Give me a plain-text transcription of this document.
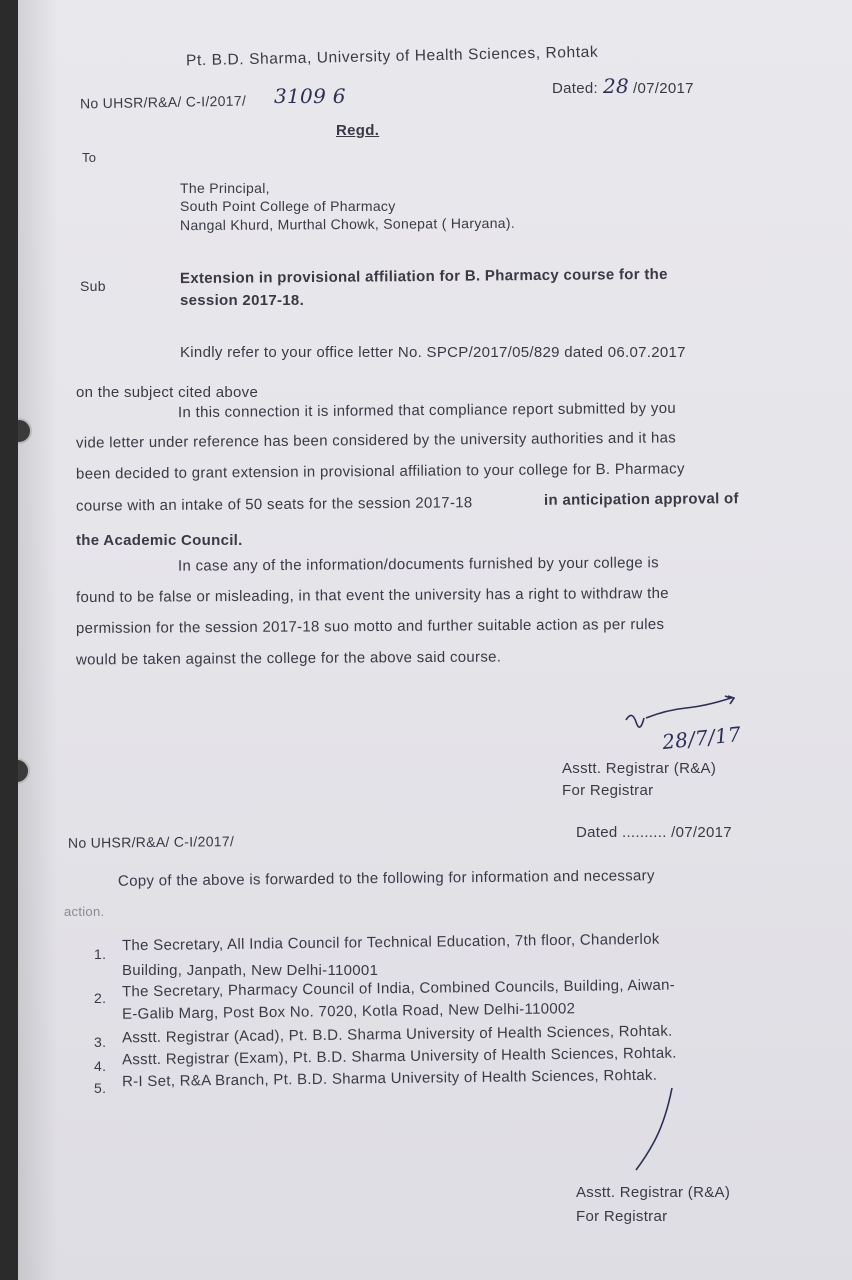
Pt. B.D. Sharma, University of Health Sciences, Rohtak
No UHSR/R&A/ C-I/2017/ 3109 6	Dated: 28 /07/2017
Regd.
To
The Principal,
South Point College of Pharmacy
Nangal Khurd, Murthal Chowk, Sonepat ( Haryana).
Sub	Extension in provisional affiliation for B. Pharmacy course for the
session 2017-18.
Kindly refer to your office letter No. SPCP/2017/05/829 dated 06.07.2017
on the subject cited above
In this connection it is informed that compliance report submitted by you
vide letter under reference has been considered by the university authorities and it has
been decided to grant extension in provisional affiliation to your college for B. Pharmacy
course with an intake of 50 seats for the session 2017-18	in anticipation approval of
the Academic Council.
In case any of the information/documents furnished by your college is
found to be false or misleading, in that event the university has a right to withdraw the
permission for the session 2017-18 suo motto and further suitable action as per rules
would be taken against the college for the above said course.
28/7/17
Asstt. Registrar (R&A)
For Registrar
No UHSR/R&A/ C-I/2017/
Dated .......... /07/2017
Copy of the above is forwarded to the following for information and necessary
action.
1. The Secretary, All India Council for Technical Education, 7th floor, Chanderlok
Building, Janpath, New Delhi-110001
2. The Secretary, Pharmacy Council of India, Combined Councils, Building, Aiwan-
E-Galib Marg, Post Box No. 7020, Kotla Road, New Delhi-110002
3. Asstt. Registrar (Acad), Pt. B.D. Sharma University of Health Sciences, Rohtak.
4. Asstt. Registrar (Exam), Pt. B.D. Sharma University of Health Sciences, Rohtak.
5. R-I Set, R&A Branch, Pt. B.D. Sharma University of Health Sciences, Rohtak.
Asstt. Registrar (R&A)
For Registrar
